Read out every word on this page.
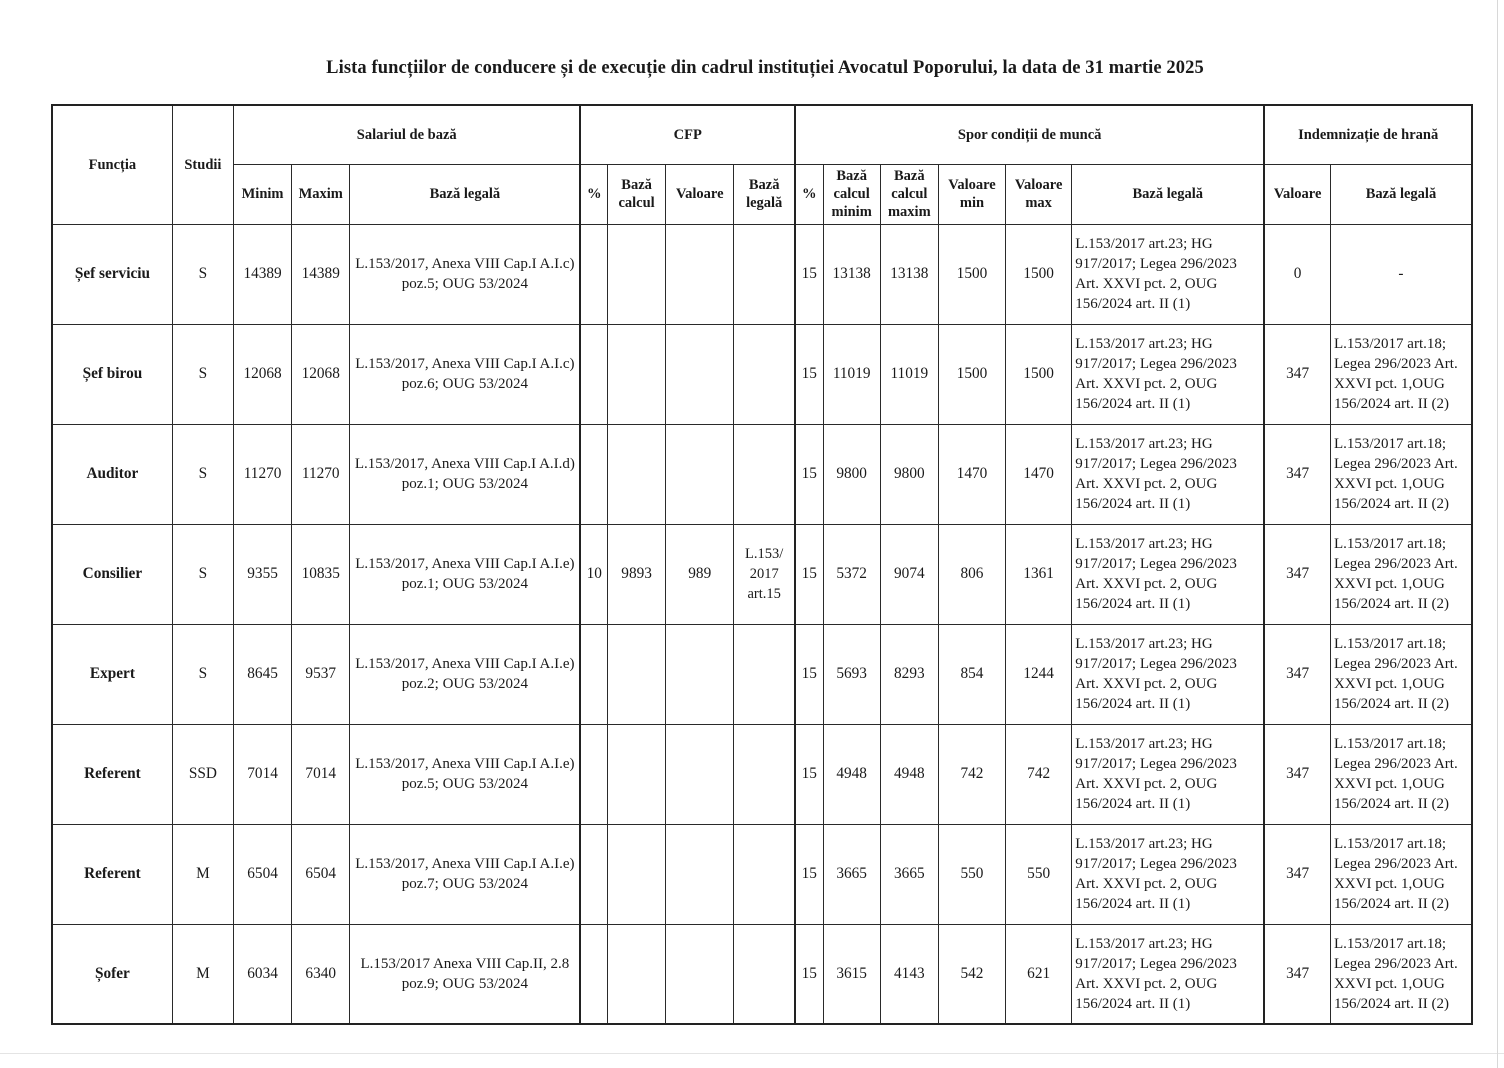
Lista funcțiilor de conducere și de execuție din cadrul instituției Avocatul Poporului, la data de 31 martie 2025
Funcția	Studii	Salariul de bază			CFP				Spor condiții de muncă						Indemnizație de hrană	
		Minim	Maxim	Bază legală	%	Bază calcul	Valoare	Bază legală	%	Bază calcul minim	Bază calcul maxim	Valoare min	Valoare max	Bază legală	Valoare	Bază legală
Șef serviciu	S	14389	14389	L.153/2017, Anexa VIII Cap.I A.I.c) poz.5; OUG 53/2024					15	13138	13138	1500	1500	L.153/2017 art.23; HG 917/2017; Legea 296/2023 Art. XXVI pct. 2, OUG 156/2024 art. II (1)	0	-
Șef birou	S	12068	12068	L.153/2017, Anexa VIII Cap.I A.I.c) poz.6; OUG 53/2024					15	11019	11019	1500	1500	L.153/2017 art.23; HG 917/2017; Legea 296/2023 Art. XXVI pct. 2, OUG 156/2024 art. II (1)	347	L.153/2017 art.18; Legea 296/2023 Art. XXVI pct. 1,OUG 156/2024 art. II (2)
Auditor	S	11270	11270	L.153/2017, Anexa VIII Cap.I A.I.d) poz.1; OUG 53/2024					15	9800	9800	1470	1470	L.153/2017 art.23; HG 917/2017; Legea 296/2023 Art. XXVI pct. 2, OUG 156/2024 art. II (1)	347	L.153/2017 art.18; Legea 296/2023 Art. XXVI pct. 1,OUG 156/2024 art. II (2)
Consilier	S	9355	10835	L.153/2017, Anexa VIII Cap.I A.I.e) poz.1; OUG 53/2024	10	9893	989	L.153/ 2017 art.15	15	5372	9074	806	1361	L.153/2017 art.23; HG 917/2017; Legea 296/2023 Art. XXVI pct. 2, OUG 156/2024 art. II (1)	347	L.153/2017 art.18; Legea 296/2023 Art. XXVI pct. 1,OUG 156/2024 art. II (2)
Expert	S	8645	9537	L.153/2017, Anexa VIII Cap.I A.I.e) poz.2; OUG 53/2024					15	5693	8293	854	1244	L.153/2017 art.23; HG 917/2017; Legea 296/2023 Art. XXVI pct. 2, OUG 156/2024 art. II (1)	347	L.153/2017 art.18; Legea 296/2023 Art. XXVI pct. 1,OUG 156/2024 art. II (2)
Referent	SSD	7014	7014	L.153/2017, Anexa VIII Cap.I A.I.e) poz.5; OUG 53/2024					15	4948	4948	742	742	L.153/2017 art.23; HG 917/2017; Legea 296/2023 Art. XXVI pct. 2, OUG 156/2024 art. II (1)	347	L.153/2017 art.18; Legea 296/2023 Art. XXVI pct. 1,OUG 156/2024 art. II (2)
Referent	M	6504	6504	L.153/2017, Anexa VIII Cap.I A.I.e) poz.7; OUG 53/2024					15	3665	3665	550	550	L.153/2017 art.23; HG 917/2017; Legea 296/2023 Art. XXVI pct. 2, OUG 156/2024 art. II (1)	347	L.153/2017 art.18; Legea 296/2023 Art. XXVI pct. 1,OUG 156/2024 art. II (2)
Șofer	M	6034	6340	L.153/2017 Anexa VIII Cap.II, 2.8 poz.9; OUG 53/2024					15	3615	4143	542	621	L.153/2017 art.23; HG 917/2017; Legea 296/2023 Art. XXVI pct. 2, OUG 156/2024 art. II (1)	347	L.153/2017 art.18; Legea 296/2023 Art. XXVI pct. 1,OUG 156/2024 art. II (2)
